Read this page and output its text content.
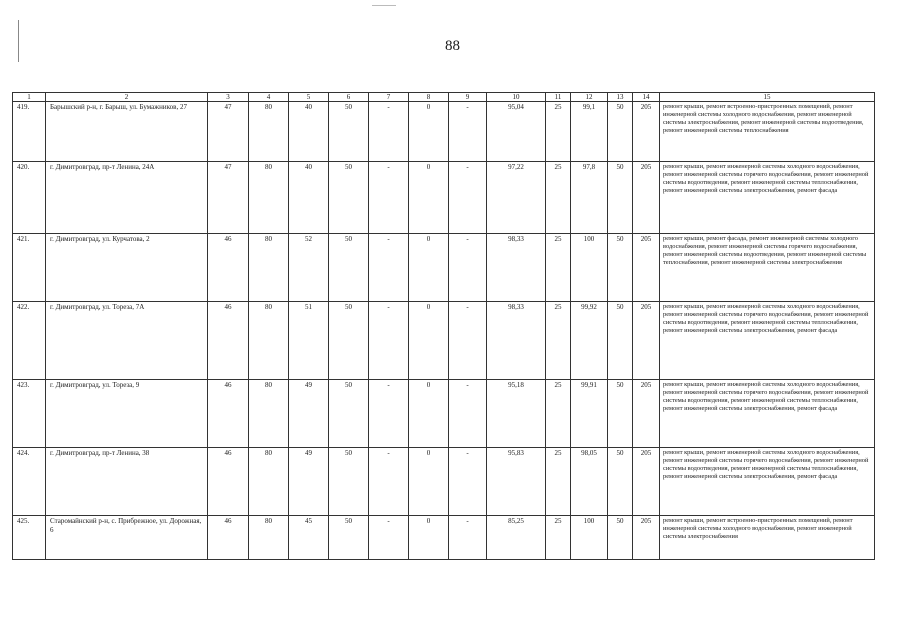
88
1	2	3	4	5	6	7	8	9	10	11	12	13	14	15
419.	Барышский р-н, г. Барыш, ул. Бумажников, 27	47	80	40	50	-	0	-	95,04	25	99,1	50	205	ремонт крыши, ремонт встроенно-пристроенных помещений, ремонт инженерной системы холодного водоснабжения, ремонт инженерной системы электроснабжения, ремонт инженерной системы водоотведения, ремонт инженерной системы теплоснабжения
420.	г. Димитровград, пр-т Ленина, 24А	47	80	40	50	-	0	-	97,22	25	97,8	50	205	ремонт крыши, ремонт инженерной системы холодного водоснабжения, ремонт инженерной системы горячего водоснабжения, ремонт инженерной системы водоотведения, ремонт инженерной системы теплоснабжения, ремонт инженерной системы электроснабжения, ремонт фасада
421.	г. Димитровград, ул. Курчатова, 2	46	80	52	50	-	0	-	98,33	25	100	50	205	ремонт крыши, ремонт фасада, ремонт инженерной системы холодного водоснабжения, ремонт инженерной системы горячего водоснабжения, ремонт инженерной системы водоотведения, ремонт инженерной системы теплоснабжения, ремонт инженерной системы электроснабжения
422.	г. Димитровград, ул. Тореза, 7А	46	80	51	50	-	0	-	98,33	25	99,92	50	205	ремонт крыши, ремонт инженерной системы холодного водоснабжения, ремонт инженерной системы горячего водоснабжения, ремонт инженерной системы водоотведения, ремонт инженерной системы теплоснабжения, ремонт инженерной системы электроснабжения, ремонт фасада
423.	г. Димитровград, ул. Тореза, 9	46	80	49	50	-	0	-	95,18	25	99,91	50	205	ремонт крыши, ремонт инженерной системы холодного водоснабжения, ремонт инженерной системы горячего водоснабжения, ремонт инженерной системы водоотведения, ремонт инженерной системы теплоснабжения, ремонт инженерной системы электроснабжения, ремонт фасада
424.	г. Димитровград, пр-т Ленина, 38	46	80	49	50	-	0	-	95,83	25	98,05	50	205	ремонт крыши, ремонт инженерной системы холодного водоснабжения, ремонт инженерной системы горячего водоснабжения, ремонт инженерной системы водоотведения, ремонт инженерной системы теплоснабжения, ремонт инженерной системы электроснабжения, ремонт фасада
425.	Старомайнский р-н, с. Прибрежное, ул. Дорожная, 6	46	80	45	50	-	0	-	85,25	25	100	50	205	ремонт крыши, ремонт встроенно-пристроенных помещений, ремонт инженерной системы холодного водоснабжения, ремонт инженерной системы электроснабжения
